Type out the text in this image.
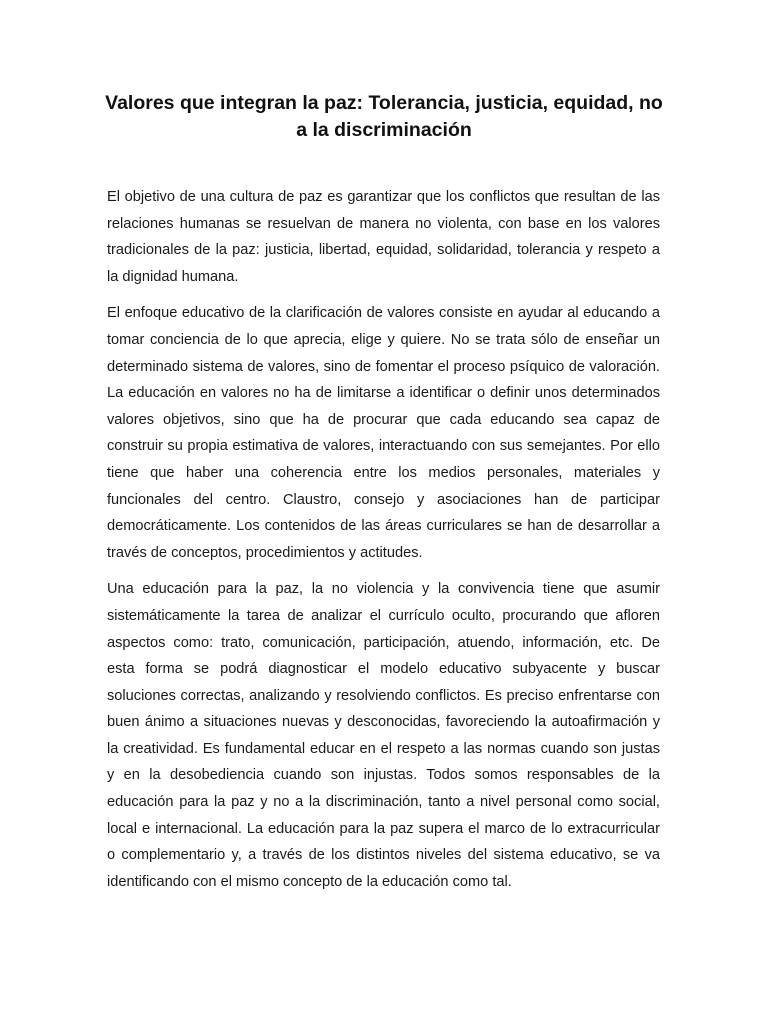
Valores que integran la paz: Tolerancia, justicia, equidad, no a la discriminación

El objetivo de una cultura de paz es garantizar que los conflictos que resultan de las relaciones humanas se resuelvan de manera no violenta, con base en los valores tradicionales de la paz: justicia, libertad, equidad, solidaridad, tolerancia y respeto a la dignidad humana.

El enfoque educativo de la clarificación de valores consiste en ayudar al educando a tomar conciencia de lo que aprecia, elige y quiere. No se trata sólo de enseñar un determinado sistema de valores, sino de fomentar el proceso psíquico de valoración. La educación en valores no ha de limitarse a identificar o definir unos determinados valores objetivos, sino que ha de procurar que cada educando sea capaz de construir su propia estimativa de valores, interactuando con sus semejantes. Por ello tiene que haber una coherencia entre los medios personales, materiales y funcionales del centro. Claustro, consejo y asociaciones han de participar democráticamente. Los contenidos de las áreas curriculares se han de desarrollar a través de conceptos, procedimientos y actitudes.

Una educación para la paz, la no violencia y la convivencia tiene que asumir sistemáticamente la tarea de analizar el currículo oculto, procurando que afloren aspectos como: trato, comunicación, participación, atuendo, información, etc. De esta forma se podrá diagnosticar el modelo educativo subyacente y buscar soluciones correctas, analizando y resolviendo conflictos. Es preciso enfrentarse con buen ánimo a situaciones nuevas y desconocidas, favoreciendo la autoafirmación y la creatividad. Es fundamental educar en el respeto a las normas cuando son justas y en la desobediencia cuando son injustas. Todos somos responsables de la educación para la paz y no a la discriminación, tanto a nivel personal como social, local e internacional. La educación para la paz supera el marco de lo extracurricular o complementario y, a través de los distintos niveles del sistema educativo, se va identificando con el mismo concepto de la educación como tal.
